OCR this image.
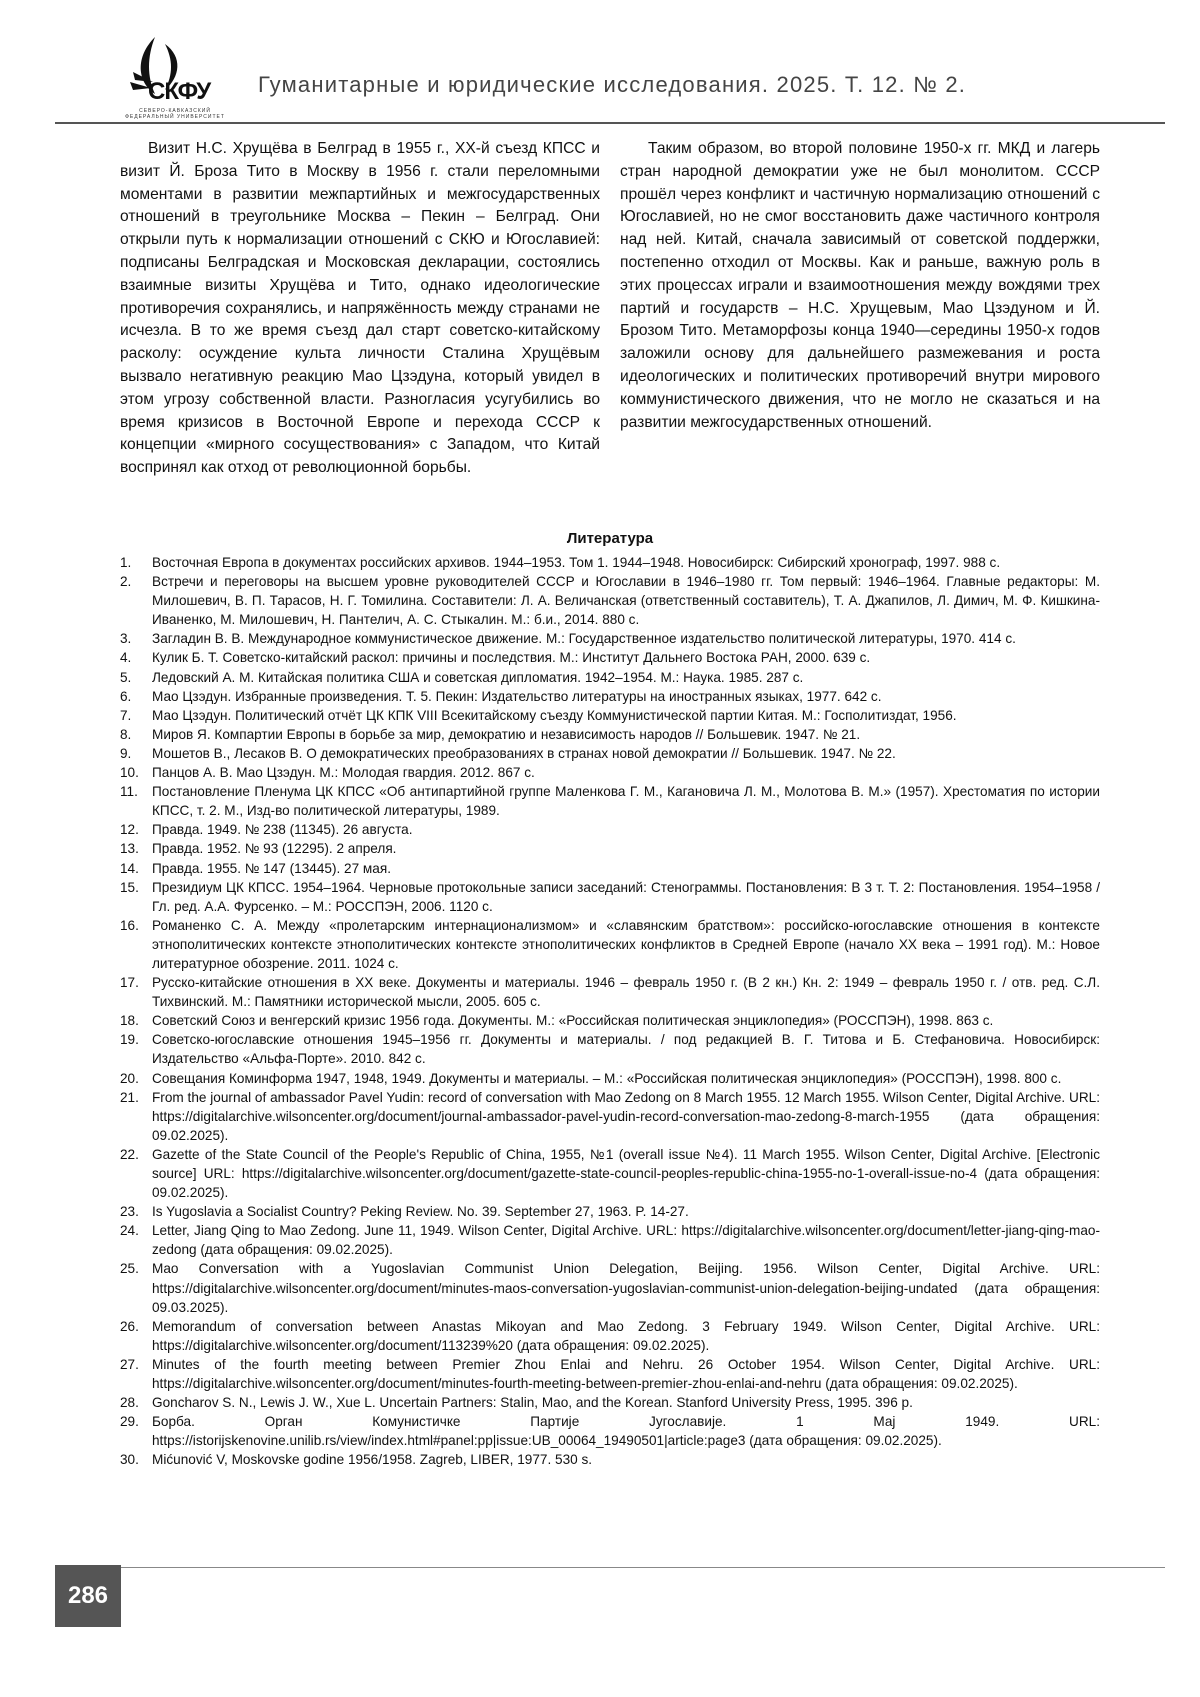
СКФУ
СЕВЕРО-КАВКАЗСКИЙ ФЕДЕРАЛЬНЫЙ УНИВЕРСИТЕТ
Гуманитарные и юридические исследования. 2025. Т. 12. № 2.

Визит Н.С. Хрущёва в Белград в 1955 г., XX-й съезд КПСС и визит Й. Броза Тито в Москву в 1956 г. стали переломными моментами в развитии межпартийных и межгосударственных отношений в треугольнике Москва – Пекин – Белград. Они открыли путь к нормализации отношений с СКЮ и Югославией: подписаны Белградская и Московская декларации, состоялись взаимные визиты Хрущёва и Тито, однако идеологические противоречия сохранялись, и напряжённость между странами не исчезла. В то же время съезд дал старт советско-китайскому расколу: осуждение культа личности Сталина Хрущёвым вызвало негативную реакцию Мао Цзэдуна, который увидел в этом угрозу собственной власти. Разногласия усугубились во время кризисов в Восточной Европе и перехода СССР к концепции «мирного сосуществования» с Западом, что Китай воспринял как отход от революционной борьбы.

Таким образом, во второй половине 1950-х гг. МКД и лагерь стран народной демократии уже не был монолитом. СССР прошёл через конфликт и частичную нормализацию отношений с Югославией, но не смог восстановить даже частичного контроля над ней. Китай, сначала зависимый от советской поддержки, постепенно отходил от Москвы. Как и раньше, важную роль в этих процессах играли и взаимоотношения между вождями трех партий и государств – Н.С. Хрущевым, Мао Цзэдуном и Й. Брозом Тито. Метаморфозы конца 1940—середины 1950-х годов заложили основу для дальнейшего размежевания и роста идеологических и политических противоречий внутри мирового коммунистического движения, что не могло не сказаться и на развитии межгосударственных отношений.

Литература
1.	Восточная Европа в документах российских архивов. 1944–1953. Том 1. 1944–1948. Новосибирск: Сибирский хронограф, 1997. 988 с.
2.	Встречи и переговоры на высшем уровне руководителей СССР и Югославии в 1946–1980 гг. Том первый: 1946–1964. Главные редакторы: М. Милошевич, В. П. Тарасов, Н. Г. Томилина. Составители: Л. А. Величанская (ответственный составитель), Т. А. Джапилов, Л. Димич, М. Ф. Кишкина-Иваненко, М. Милошевич, Н. Пантелич, А. С. Стыкалин. М.: б.и., 2014. 880 с.
3.	Загладин В. В. Международное коммунистическое движение. М.: Государственное издательство политической литературы, 1970. 414 с.
4.	Кулик Б. Т. Советско-китайский раскол: причины и последствия. М.: Институт Дальнего Востока РАН, 2000. 639 с.
5.	Ледовский А. М. Китайская политика США и советская дипломатия. 1942–1954. М.: Наука. 1985. 287 с.
6.	Мао Цзэдун. Избранные произведения. Т. 5. Пекин: Издательство литературы на иностранных языках, 1977. 642 с.
7.	Мао Цзэдун. Политический отчёт ЦК КПК VIII Всекитайскому съезду Коммунистической партии Китая. М.: Госполитиздат, 1956.
8.	Миров Я. Компартии Европы в борьбе за мир, демократию и независимость народов // Большевик. 1947. № 21.
9.	Мошетов В., Лесаков В. О демократических преобразованиях в странах новой демократии // Большевик. 1947. № 22.
10. Панцов А. В. Мао Цзэдун. М.: Молодая гвардия. 2012. 867 с.
11.	Постановление Пленума ЦК КПСС «Об антипартийной группе Маленкова Г. М., Кагановича Л. М., Молотова В. М.» (1957). Хрестоматия по истории КПСС, т. 2. М., Изд-во политической литературы, 1989.
12. Правда. 1949. № 238 (11345). 26 августа.
13. Правда. 1952. № 93 (12295). 2 апреля.
14. Правда. 1955. № 147 (13445). 27 мая.
15. Президиум ЦК КПСС. 1954–1964. Черновые протокольные записи заседаний: Стенограммы. Постановления: В 3 т. Т. 2: Постановления. 1954–1958 / Гл. ред. А.А. Фурсенко. – М.: РОССПЭН, 2006. 1120 с.
16. Романенко С. А. Между «пролетарским интернационализмом» и «славянским братством»: российско-югославские отношения в контексте этнополитических контексте этнополитических контексте этнополитических конфликтов в Средней Европе (начало XX века – 1991 год). М.: Новое литературное обозрение. 2011. 1024 с.
17. Русско-китайские отношения в XX веке. Документы и материалы. 1946 – февраль 1950 г. (В 2 кн.) Кн. 2: 1949 – февраль 1950 г. / отв. ред. С.Л. Тихвинский. М.: Памятники исторической мысли, 2005. 605 с.
18. Советский Союз и венгерский кризис 1956 года. Документы. М.: «Российская политическая энциклопедия» (РОССПЭН), 1998. 863 с.
19. Советско-югославские отношения 1945–1956 гг. Документы и материалы. / под редакцией В. Г. Титова и Б. Стефановича. Новосибирск: Издательство «Альфа-Порте». 2010. 842 с.
20. Совещания Коминформа 1947, 1948, 1949. Документы и материалы. – М.: «Российская политическая энциклопедия» (РОССПЭН), 1998. 800 с.
21. From the journal of ambassador Pavel Yudin: record of conversation with Mao Zedong on 8 March 1955. 12 March 1955. Wilson Center, Digital Archive. URL: https://digitalarchive.wilsoncenter.org/document/journal-ambassador-pavel-yudin-record-conversation-mao-zedong-8-march-1955 (дата обращения: 09.02.2025).
22. Gazette of the State Council of the People's Republic of China, 1955, №1 (overall issue №4). 11 March 1955. Wilson Center, Digital Archive. [Electronic source] URL: https://digitalarchive.wilsoncenter.org/document/gazette-state-council-peoples-republic-china-1955-no-1-overall-issue-no-4 (дата обращения: 09.02.2025).
23. Is Yugoslavia a Socialist Country? Peking Review. No. 39. September 27, 1963. P. 14-27.
24. Letter, Jiang Qing to Mao Zedong. June 11, 1949. Wilson Center, Digital Archive. URL: https://digitalarchive.wilsoncenter.org/document/letter-jiang-qing-mao-zedong (дата обращения: 09.02.2025).
25. Mao Conversation with a Yugoslavian Communist Union Delegation, Beijing. 1956. Wilson Center, Digital Archive. URL: https://digitalarchive.wilsoncenter.org/document/minutes-maos-conversation-yugoslavian-communist-union-delegation-beijing-undated (дата обращения: 09.03.2025).
26. Memorandum of conversation between Anastas Mikoyan and Mao Zedong. 3 February 1949. Wilson Center, Digital Archive. URL: https://digitalarchive.wilsoncenter.org/document/113239%20 (дата обращения: 09.02.2025).
27. Minutes of the fourth meeting between Premier Zhou Enlai and Nehru. 26 October 1954. Wilson Center, Digital Archive. URL: https://digitalarchive.wilsoncenter.org/document/minutes-fourth-meeting-between-premier-zhou-enlai-and-nehru (дата обращения: 09.02.2025).
28. Goncharov S. N., Lewis J. W., Xue L. Uncertain Partners: Stalin, Mao, and the Korean. Stanford University Press, 1995. 396 p.
29. Борба. Орган Комунистичке Партије Југославије. 1 Мај 1949. URL: https://istorijskenovine.unilib.rs/view/index.html#panel:pp|issue:UB_00064_19490501|article:page3 (дата обращения: 09.02.2025).
30. Mićunović V, Moskovske godine 1956/1958. Zagreb, LIBER, 1977. 530 s.
286
